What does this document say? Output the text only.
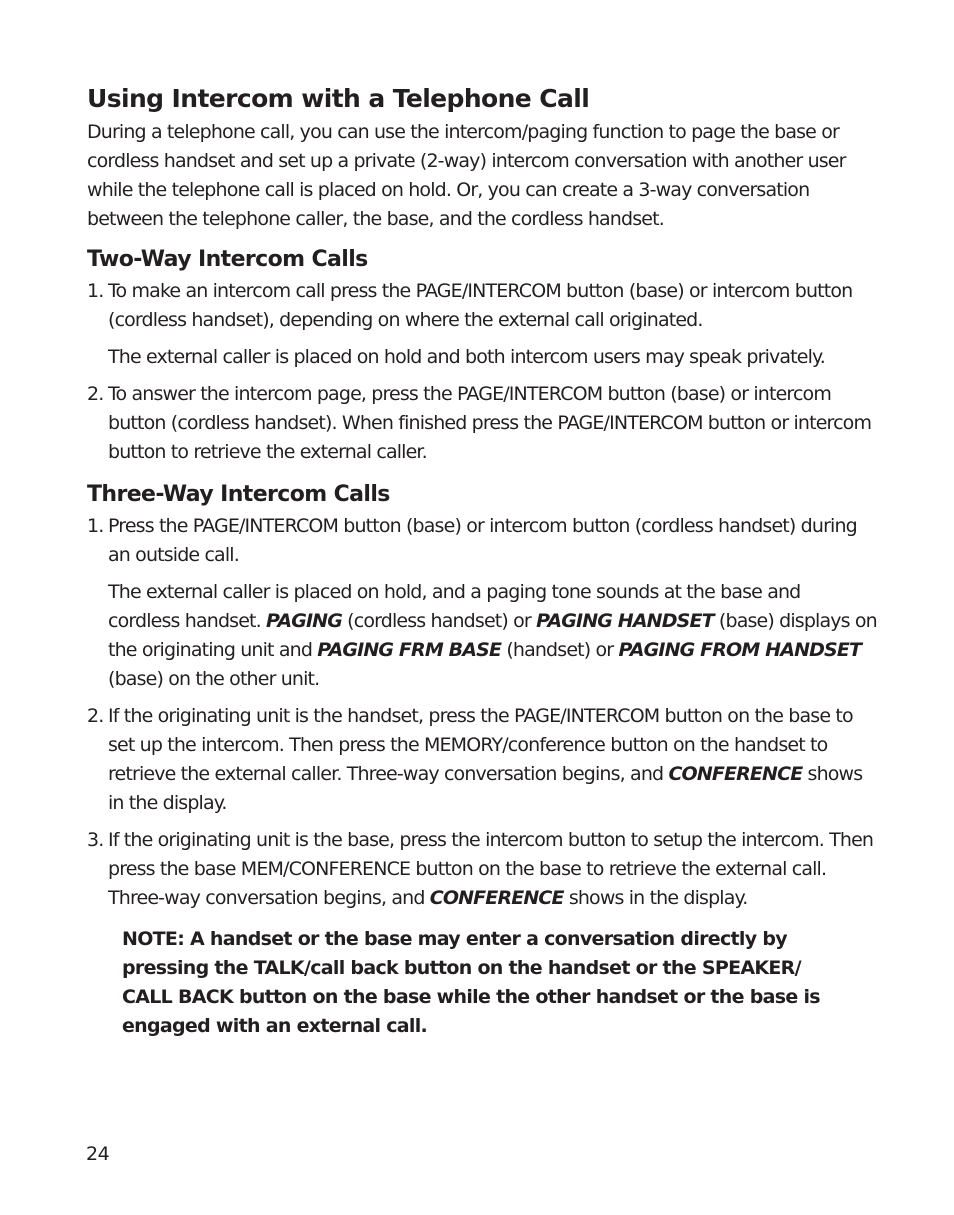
Using Intercom with a Telephone Call

During a telephone call, you can use the intercom/paging function to page the base or cordless handset and set up a private (2-way) intercom conversation with another user while the telephone call is placed on hold. Or, you can create a 3-way conversation between the telephone caller, the base, and the cordless handset.

Two-Way Intercom Calls
1. To make an intercom call press the PAGE/INTERCOM button (base) or intercom button (cordless handset), depending on where the external call originated.
The external caller is placed on hold and both intercom users may speak privately.
2. To answer the intercom page, press the PAGE/INTERCOM button (base) or intercom button (cordless handset). When finished press the PAGE/INTERCOM button or intercom button to retrieve the external caller.
Three-Way Intercom Calls
1. Press the PAGE/INTERCOM button (base) or intercom button (cordless handset) during an outside call.
The external caller is placed on hold, and a paging tone sounds at the base and cordless handset. PAGING (cordless handset) or PAGING HANDSET (base) displays on the originating unit and PAGING FRM BASE (handset) or PAGING FROM HANDSET (base) on the other unit.
2. If the originating unit is the handset, press the PAGE/INTERCOM button on the base to set up the intercom. Then press the MEMORY/conference button on the handset to retrieve the external caller. Three-way conversation begins, and CONFERENCE shows in the display.
3. If the originating unit is the base, press the intercom button to setup the intercom. Then press the base MEM/CONFERENCE button on the base to retrieve the external call. Three-way conversation begins, and CONFERENCE shows in the display.
NOTE: A handset or the base may enter a conversation directly by pressing the TALK/call back button on the handset or the SPEAKER/ CALL BACK button on the base while the other handset or the base is engaged with an external call.
24
